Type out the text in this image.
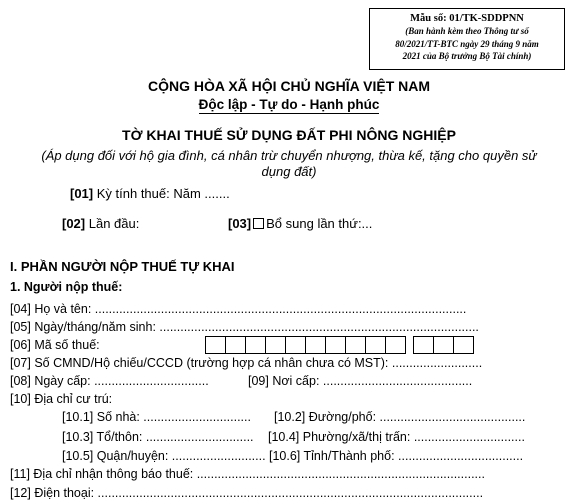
Mẫu số: 01/TK-SDDPNN
(Ban hành kèm theo Thông tư số
80/2021/TT-BTC ngày 29 tháng 9 năm
2021 của Bộ trưởng Bộ Tài chính)
CỘNG HÒA XÃ HỘI CHỦ NGHĨA VIỆT NAM
Độc lập - Tự do - Hạnh phúc
TỜ KHAI THUẾ SỬ DỤNG ĐẤT PHI NÔNG NGHIỆP
(Áp dụng đối với hộ gia đình, cá nhân trừ chuyển nhượng, thừa kế, tặng cho quyền sử
dụng đất)
[01] Kỳ tính thuế: Năm .......
[02] Lần đầu:	[03] Bổ sung lần thứ:...
I. PHẦN NGƯỜI NỘP THUẾ TỰ KHAI
1. Người nộp thuế:
[04] Họ và tên: ...........................................................................................................
[05] Ngày/tháng/năm sinh: ............................................................................................
[06] Mã số thuế:
[07] Số CMND/Hộ chiếu/CCCD (trường hợp cá nhân chưa có MST): ..........................
[08] Ngày cấp: .................................	[09] Nơi cấp: ...........................................
[10] Địa chỉ cư trú:
[10.1] Số nhà: ............................... [10.2] Đường/phố: ..........................................
[10.3] Tổ/thôn: ............................... [10.4] Phường/xã/thị trấn: ................................
[10.5] Quận/huyện: ........................... [10.6] Tỉnh/Thành phố: ....................................
[11] Địa chỉ nhận thông báo thuế: ...................................................................................
[12] Điện thoại: ...............................................................................................................
